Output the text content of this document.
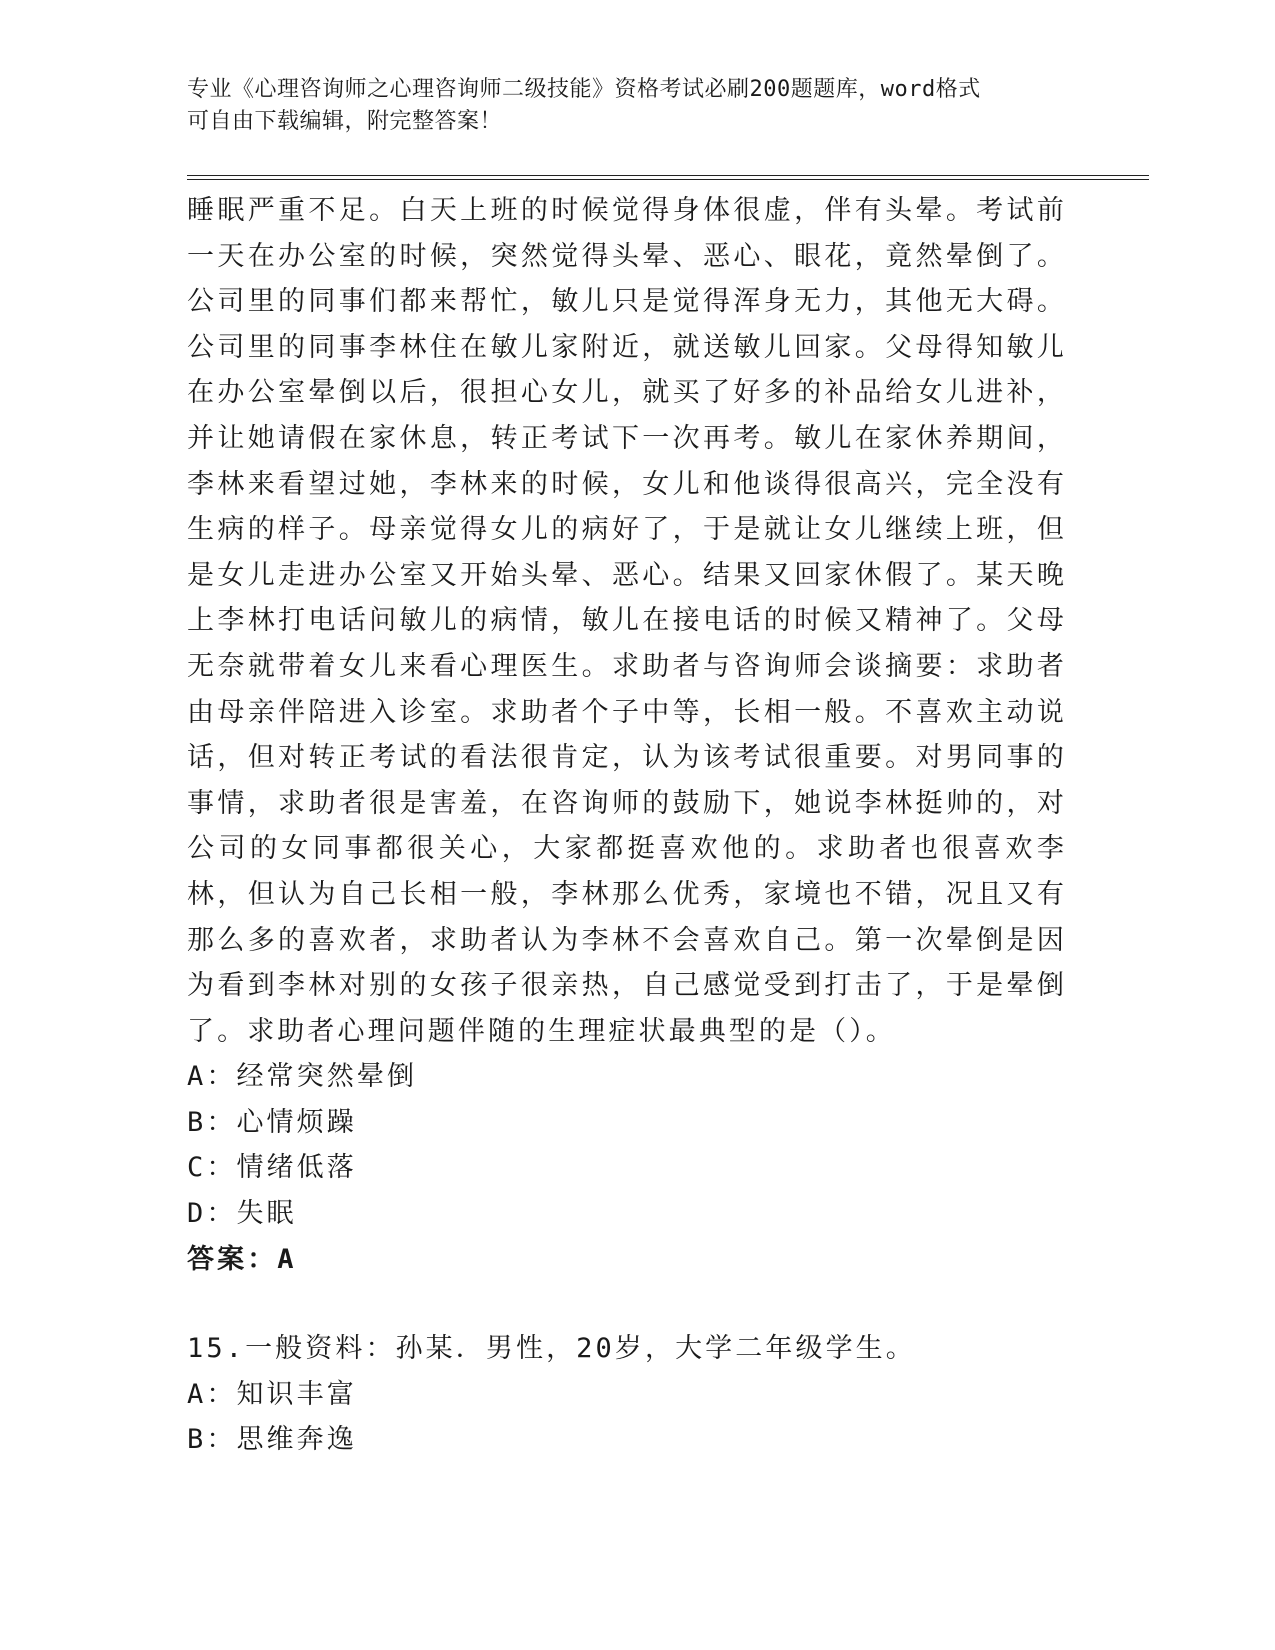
专业《心理咨询师之心理咨询师二级技能》资格考试必刷200题题库，word格式
可自由下载编辑，附完整答案！

睡眠严重不足。白天上班的时候觉得身体很虚，伴有头晕。考试前一天在办公室的时候，突然觉得头晕、恶心、眼花，竟然晕倒了。公司里的同事们都来帮忙，敏儿只是觉得浑身无力，其他无大碍。公司里的同事李林住在敏儿家附近，就送敏儿回家。父母得知敏儿在办公室晕倒以后，很担心女儿，就买了好多的补品给女儿进补，并让她请假在家休息，转正考试下一次再考。敏儿在家休养期间，李林来看望过她，李林来的时候，女儿和他谈得很高兴，完全没有生病的样子。母亲觉得女儿的病好了，于是就让女儿继续上班，但是女儿走进办公室又开始头晕、恶心。结果又回家休假了。某天晚上李林打电话问敏儿的病情，敏儿在接电话的时候又精神了。父母无奈就带着女儿来看心理医生。求助者与咨询师会谈摘要：求助者由母亲伴陪进入诊室。求助者个子中等，长相一般。不喜欢主动说话，但对转正考试的看法很肯定，认为该考试很重要。对男同事的事情，求助者很是害羞，在咨询师的鼓励下，她说李林挺帅的，对公司的女同事都很关心，大家都挺喜欢他的。求助者也很喜欢李林，但认为自己长相一般，李林那么优秀，家境也不错，况且又有那么多的喜欢者，求助者认为李林不会喜欢自己。第一次晕倒是因为看到李林对别的女孩子很亲热，自己感觉受到打击了，于是晕倒了。求助者心理问题伴随的生理症状最典型的是（）。

A：经常突然晕倒

B：心情烦躁

C：情绪低落

D：失眠

答案：A

15.一般资料：孙某．男性，20岁，大学二年级学生。

A：知识丰富

B：思维奔逸
